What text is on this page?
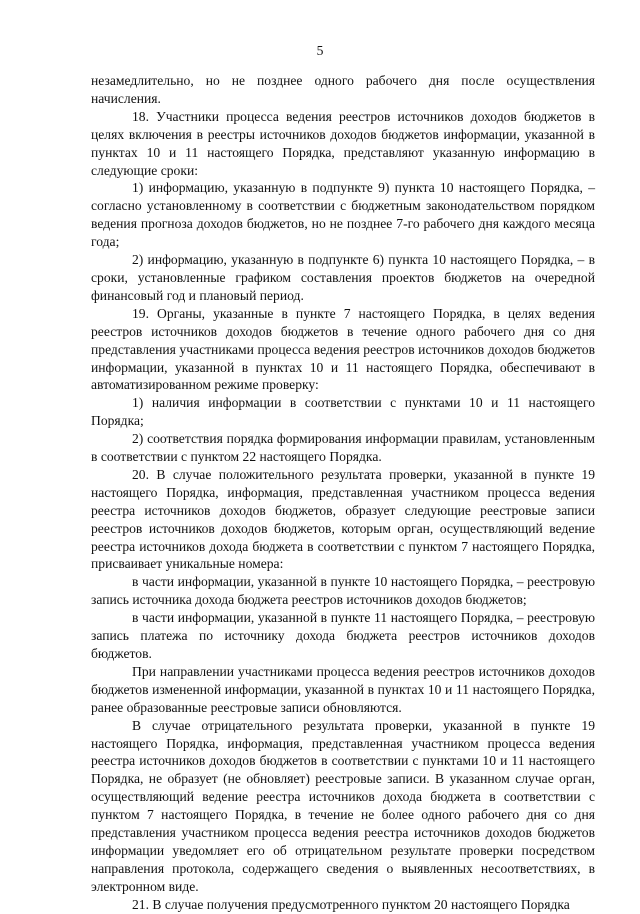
5

незамедлительно, но не позднее одного рабочего дня после осуществления начисления.

18. Участники процесса ведения реестров источников доходов бюджетов в целях включения в реестры источников доходов бюджетов информации, указанной в пунктах 10 и 11 настоящего Порядка, представляют указанную информацию в следующие сроки:

1) информацию, указанную в подпункте 9) пункта 10 настоящего Порядка, – согласно установленному в соответствии с бюджетным законодательством порядком ведения прогноза доходов бюджетов, но не позднее 7-го рабочего дня каждого месяца года;

2) информацию, указанную в подпункте 6) пункта 10 настоящего Порядка, – в сроки, установленные графиком составления проектов бюджетов на очередной финансовый год и плановый период.

19. Органы, указанные в пункте 7 настоящего Порядка, в целях ведения реестров источников доходов бюджетов в течение одного рабочего дня со дня представления участниками процесса ведения реестров источников доходов бюджетов информации, указанной в пунктах 10 и 11 настоящего Порядка, обеспечивают в автоматизированном режиме проверку:

1) наличия информации в соответствии с пунктами 10 и 11 настоящего Порядка;

2) соответствия порядка формирования информации правилам, установленным в соответствии с пунктом 22 настоящего Порядка.

20. В случае положительного результата проверки, указанной в пункте 19 настоящего Порядка, информация, представленная участником процесса ведения реестра источников доходов бюджетов, образует следующие реестровые записи реестров источников доходов бюджетов, которым орган, осуществляющий ведение реестра источников дохода бюджета в соответствии с пунктом 7 настоящего Порядка, присваивает уникальные номера:

в части информации, указанной в пункте 10 настоящего Порядка, – реестровую запись источника дохода бюджета реестров источников доходов бюджетов;

в части информации, указанной в пункте 11 настоящего Порядка, – реестровую запись платежа по источнику дохода бюджета реестров источников доходов бюджетов.

При направлении участниками процесса ведения реестров источников доходов бюджетов измененной информации, указанной в пунктах 10 и 11 настоящего Порядка, ранее образованные реестровые записи обновляются.

В случае отрицательного результата проверки, указанной в пункте 19 настоящего Порядка, информация, представленная участником процесса ведения реестра источников доходов бюджетов в соответствии с пунктами 10 и 11 настоящего Порядка, не образует (не обновляет) реестровые записи. В указанном случае орган, осуществляющий ведение реестра источников дохода бюджета в соответствии с пунктом 7 настоящего Порядка, в течение не более одного рабочего дня со дня представления участником процесса ведения реестра источников доходов бюджетов информации уведомляет его об отрицательном результате проверки посредством направления протокола, содержащего сведения о выявленных несоответствиях, в электронном виде.

21. В случае получения предусмотренного пунктом 20 настоящего Порядка
